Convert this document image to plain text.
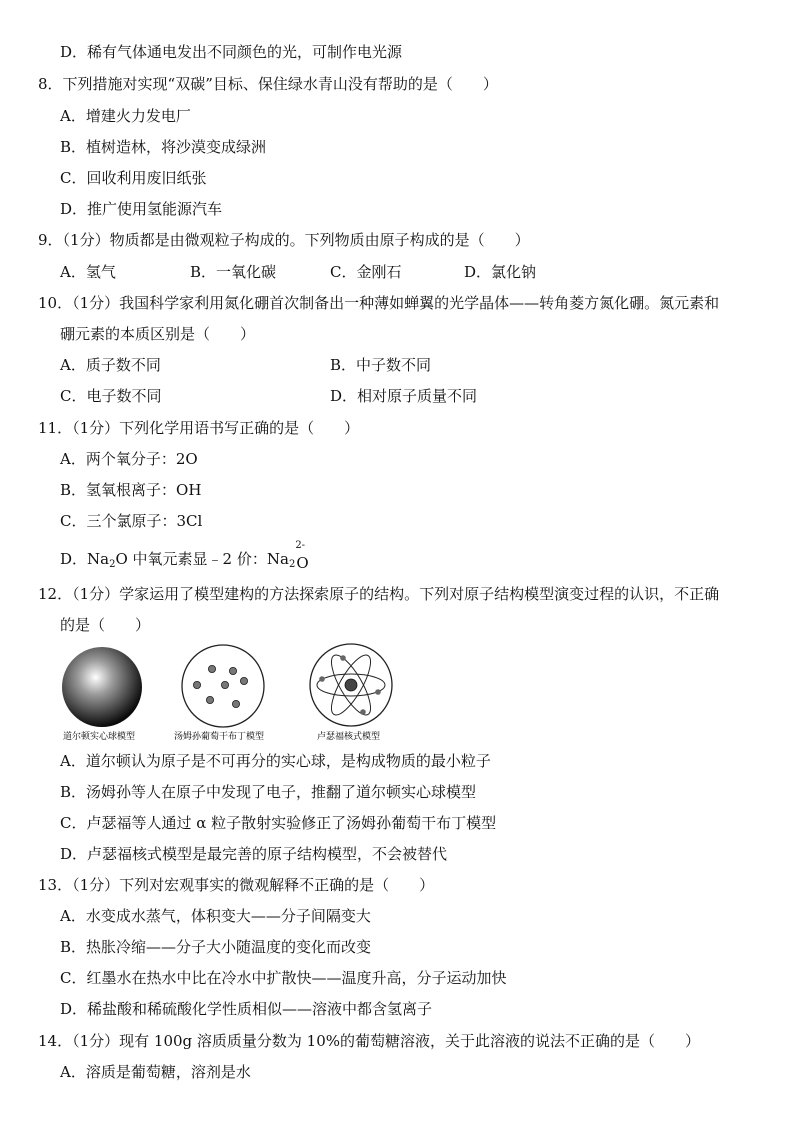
D．稀有气体通电发出不同颜色的光，可制作电光源
8．下列措施对实现“双碳”目标、保住绿水青山没有帮助的是（　　）
A．增建火力发电厂
B．植树造林，将沙漠变成绿洲
C．回收利用废旧纸张
D．推广使用氢能源汽车
9．（1分）物质都是由微观粒子构成的。下列物质由原子构成的是（　　）
A．氢气	B．一氧化碳	C．金刚石	D．氯化钠
10．（1分）我国科学家利用氮化硼首次制备出一种薄如蝉翼的光学晶体——转角菱方氮化硼。氮元素和
硼元素的本质区别是（　　）
A．质子数不同	B．中子数不同
C．电子数不同	D．相对原子质量不同
11．（1分）下列化学用语书写正确的是（　　）
A．两个氧分子：2O
B．氢氧根离子：OH
C．三个氯原子：3Cl
D．$Na_2O$ 中氧元素显﹣2 价：$Na_2$
2-
O
12．（1分）学家运用了模型建构的方法探索原子的结构。下列对原子结构模型演变过程的认识，不正确
的是（　　）
道尔顿实心球模型	汤姆孙葡萄干布丁模型	卢瑟福核式模型
A．道尔顿认为原子是不可再分的实心球，是构成物质的最小粒子
B．汤姆孙等人在原子中发现了电子，推翻了道尔顿实心球模型
C．卢瑟福等人通过 α 粒子散射实验修正了汤姆孙葡萄干布丁模型
D．卢瑟福核式模型是最完善的原子结构模型，不会被替代
13．（1分）下列对宏观事实的微观解释不正确的是（　　）
A．水变成水蒸气，体积变大——分子间隔变大
B．热胀冷缩——分子大小随温度的变化而改变
C．红墨水在热水中比在冷水中扩散快——温度升高，分子运动加快
D．稀盐酸和稀硫酸化学性质相似——溶液中都含氢离子
14．（1分）现有 100g 溶质质量分数为 10%的葡萄糖溶液，关于此溶液的说法不正确的是（　　）
A．溶质是葡萄糖，溶剂是水
